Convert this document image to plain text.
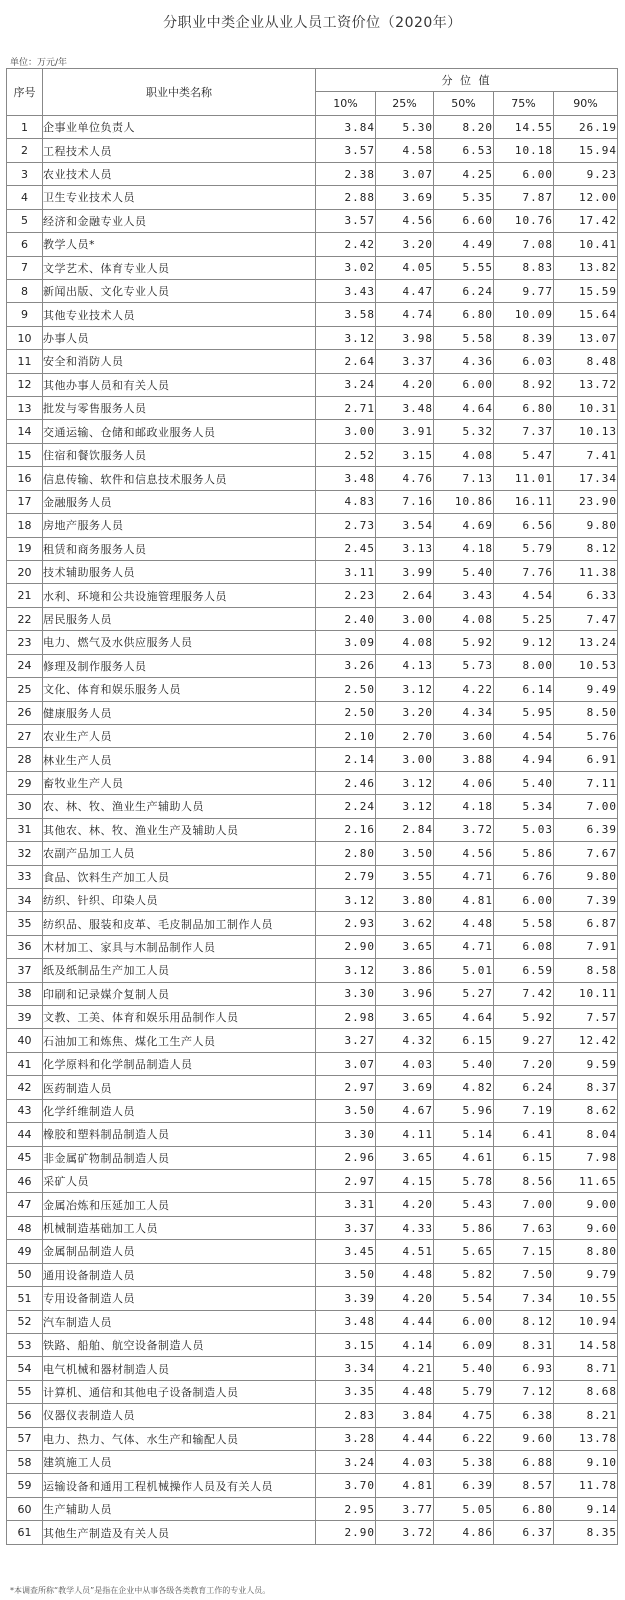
分职业中类企业从业人员工资价位（2020年）
单位：万元/年
序号	职业中类名称	分 位 值				
		10%	25%	50%	75%	90%
1	企事业单位负责人	3.84	5.30	8.20	14.55	26.19
2	工程技术人员	3.57	4.58	6.53	10.18	15.94
3	农业技术人员	2.38	3.07	4.25	6.00	9.23
4	卫生专业技术人员	2.88	3.69	5.35	7.87	12.00
5	经济和金融专业人员	3.57	4.56	6.60	10.76	17.42
6	教学人员*	2.42	3.20	4.49	7.08	10.41
7	文学艺术、体育专业人员	3.02	4.05	5.55	8.83	13.82
8	新闻出版、文化专业人员	3.43	4.47	6.24	9.77	15.59
9	其他专业技术人员	3.58	4.74	6.80	10.09	15.64
10	办事人员	3.12	3.98	5.58	8.39	13.07
11	安全和消防人员	2.64	3.37	4.36	6.03	8.48
12	其他办事人员和有关人员	3.24	4.20	6.00	8.92	13.72
13	批发与零售服务人员	2.71	3.48	4.64	6.80	10.31
14	交通运输、仓储和邮政业服务人员	3.00	3.91	5.32	7.37	10.13
15	住宿和餐饮服务人员	2.52	3.15	4.08	5.47	7.41
16	信息传输、软件和信息技术服务人员	3.48	4.76	7.13	11.01	17.34
17	金融服务人员	4.83	7.16	10.86	16.11	23.90
18	房地产服务人员	2.73	3.54	4.69	6.56	9.80
19	租赁和商务服务人员	2.45	3.13	4.18	5.79	8.12
20	技术辅助服务人员	3.11	3.99	5.40	7.76	11.38
21	水利、环境和公共设施管理服务人员	2.23	2.64	3.43	4.54	6.33
22	居民服务人员	2.40	3.00	4.08	5.25	7.47
23	电力、燃气及水供应服务人员	3.09	4.08	5.92	9.12	13.24
24	修理及制作服务人员	3.26	4.13	5.73	8.00	10.53
25	文化、体育和娱乐服务人员	2.50	3.12	4.22	6.14	9.49
26	健康服务人员	2.50	3.20	4.34	5.95	8.50
27	农业生产人员	2.10	2.70	3.60	4.54	5.76
28	林业生产人员	2.14	3.00	3.88	4.94	6.91
29	畜牧业生产人员	2.46	3.12	4.06	5.40	7.11
30	农、林、牧、渔业生产辅助人员	2.24	3.12	4.18	5.34	7.00
31	其他农、林、牧、渔业生产及辅助人员	2.16	2.84	3.72	5.03	6.39
32	农副产品加工人员	2.80	3.50	4.56	5.86	7.67
33	食品、饮料生产加工人员	2.79	3.55	4.71	6.76	9.80
34	纺织、针织、印染人员	3.12	3.80	4.81	6.00	7.39
35	纺织品、服装和皮革、毛皮制品加工制作人员	2.93	3.62	4.48	5.58	6.87
36	木材加工、家具与木制品制作人员	2.90	3.65	4.71	6.08	7.91
37	纸及纸制品生产加工人员	3.12	3.86	5.01	6.59	8.58
38	印刷和记录媒介复制人员	3.30	3.96	5.27	7.42	10.11
39	文教、工美、体育和娱乐用品制作人员	2.98	3.65	4.64	5.92	7.57
40	石油加工和炼焦、煤化工生产人员	3.27	4.32	6.15	9.27	12.42
41	化学原料和化学制品制造人员	3.07	4.03	5.40	7.20	9.59
42	医药制造人员	2.97	3.69	4.82	6.24	8.37
43	化学纤维制造人员	3.50	4.67	5.96	7.19	8.62
44	橡胶和塑料制品制造人员	3.30	4.11	5.14	6.41	8.04
45	非金属矿物制品制造人员	2.96	3.65	4.61	6.15	7.98
46	采矿人员	2.97	4.15	5.78	8.56	11.65
47	金属冶炼和压延加工人员	3.31	4.20	5.43	7.00	9.00
48	机械制造基础加工人员	3.37	4.33	5.86	7.63	9.60
49	金属制品制造人员	3.45	4.51	5.65	7.15	8.80
50	通用设备制造人员	3.50	4.48	5.82	7.50	9.79
51	专用设备制造人员	3.39	4.20	5.54	7.34	10.55
52	汽车制造人员	3.48	4.44	6.00	8.12	10.94
53	铁路、船舶、航空设备制造人员	3.15	4.14	6.09	8.31	14.58
54	电气机械和器材制造人员	3.34	4.21	5.40	6.93	8.71
55	计算机、通信和其他电子设备制造人员	3.35	4.48	5.79	7.12	8.68
56	仪器仪表制造人员	2.83	3.84	4.75	6.38	8.21
57	电力、热力、气体、水生产和输配人员	3.28	4.44	6.22	9.60	13.78
58	建筑施工人员	3.24	4.03	5.38	6.88	9.10
59	运输设备和通用工程机械操作人员及有关人员	3.70	4.81	6.39	8.57	11.78
60	生产辅助人员	2.95	3.77	5.05	6.80	9.14
61	其他生产制造及有关人员	2.90	3.72	4.86	6.37	8.35
*本调查所称“教学人员”是指在企业中从事各级各类教育工作的专业人员。
